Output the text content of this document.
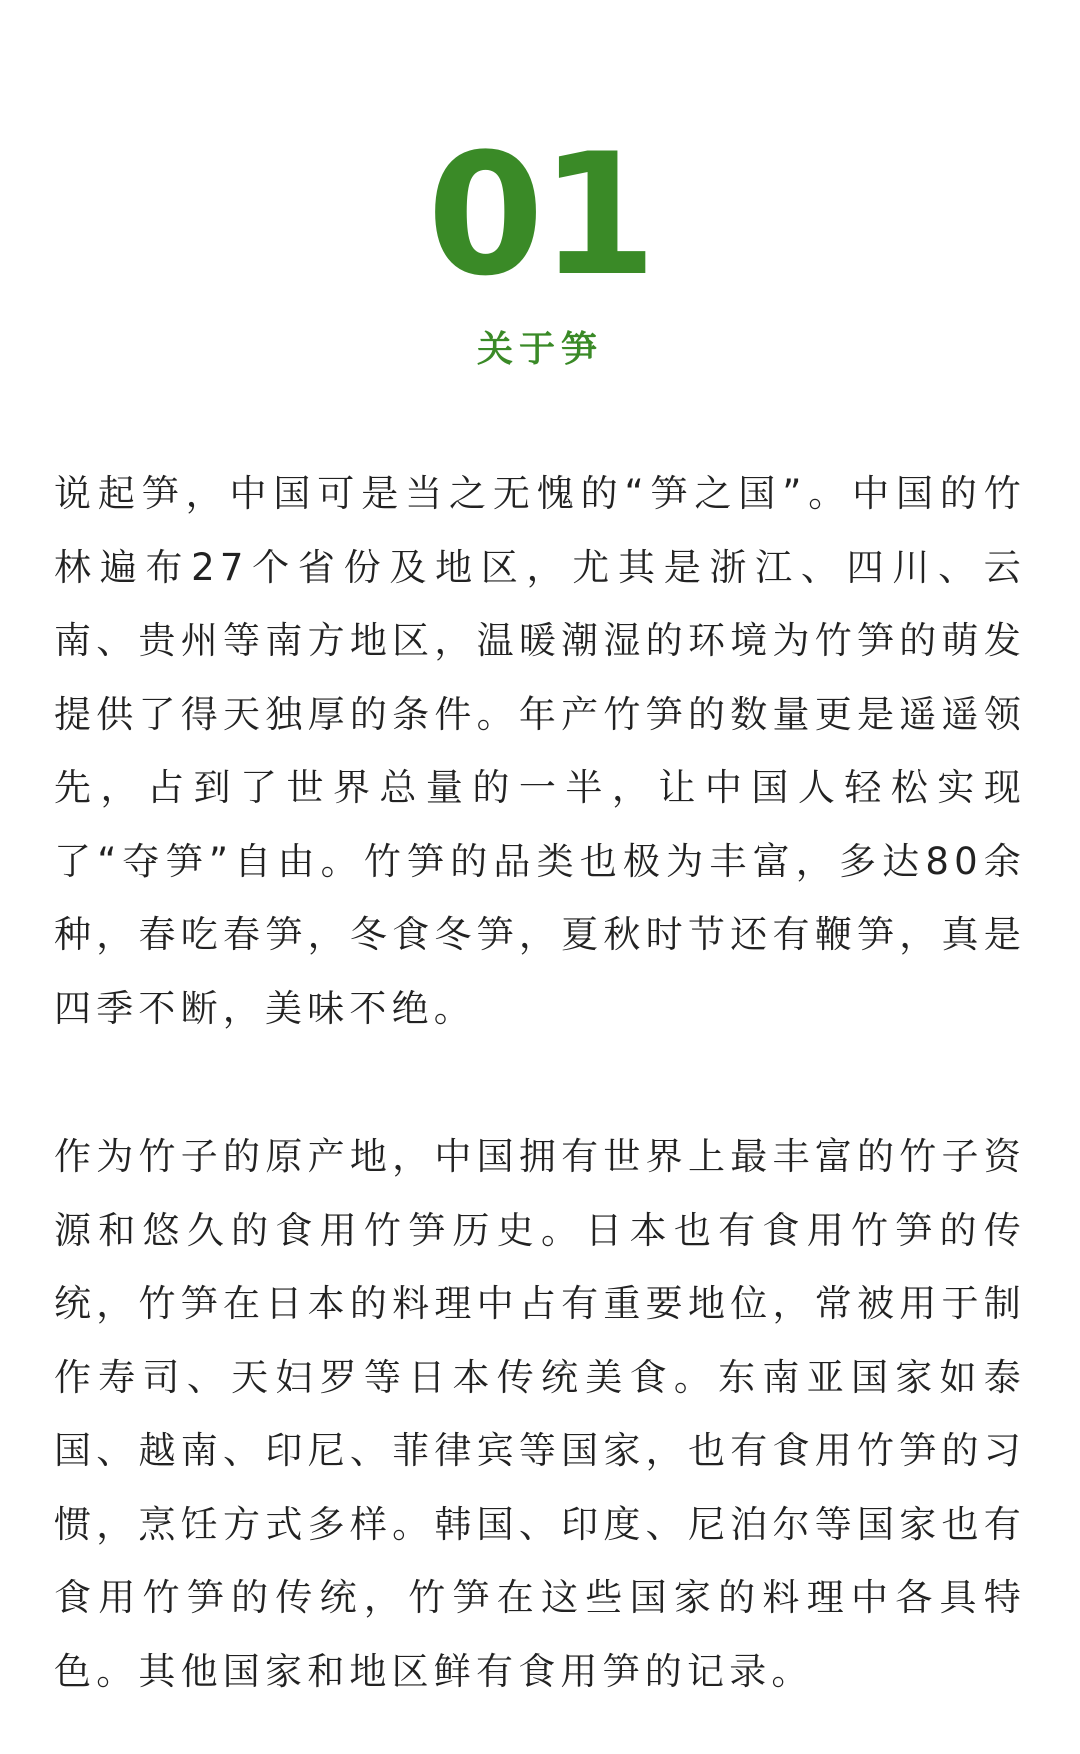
01
关于笋

说起笋，中国可是当之无愧的“笋之国”。中国的竹林遍布27个省份及地区，尤其是浙江、四川、云南、贵州等南方地区，温暖潮湿的环境为竹笋的萌发提供了得天独厚的条件。年产竹笋的数量更是遥遥领先，占到了世界总量的一半，让中国人轻松实现了“夺笋”自由。竹笋的品类也极为丰富，多达80余种，春吃春笋，冬食冬笋，夏秋时节还有鞭笋，真是四季不断，美味不绝。

作为竹子的原产地，中国拥有世界上最丰富的竹子资源和悠久的食用竹笋历史。日本也有食用竹笋的传统，竹笋在日本的料理中占有重要地位，常被用于制作寿司、天妇罗等日本传统美食。东南亚国家如泰国、越南、印尼、菲律宾等国家，也有食用竹笋的习惯，烹饪方式多样。韩国、印度、尼泊尔等国家也有食用竹笋的传统，竹笋在这些国家的料理中各具特色。其他国家和地区鲜有食用笋的记录。
